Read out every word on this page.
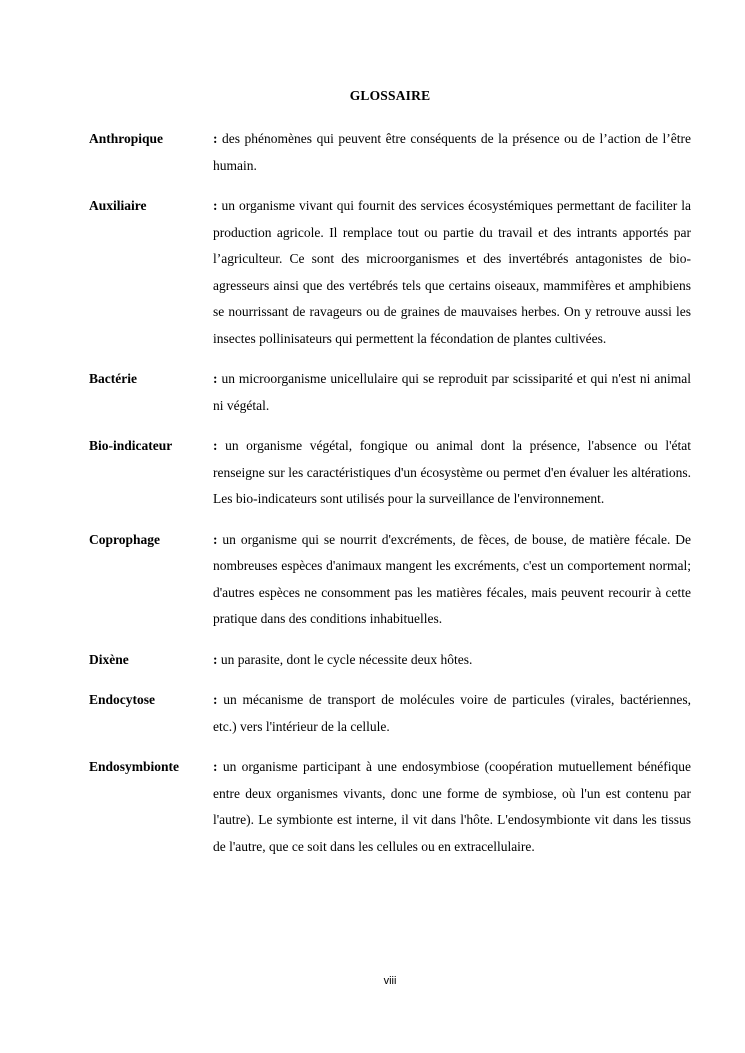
GLOSSAIRE
Anthropique	: des phénomènes qui peuvent être conséquents de la présence ou de l’action de l’être humain.
Auxiliaire	: un organisme vivant qui fournit des services écosystémiques permettant de faciliter la production agricole. Il remplace tout ou partie du travail et des intrants apportés par l’agriculteur. Ce sont des microorganismes et des invertébrés antagonistes de bio-agresseurs ainsi que des vertébrés tels que certains oiseaux, mammifères et amphibiens se nourrissant de ravageurs ou de graines de mauvaises herbes. On y retrouve aussi les insectes pollinisateurs qui permettent la fécondation de plantes cultivées.
Bactérie	: un microorganisme unicellulaire qui se reproduit par scissiparité et qui n'est ni animal ni végétal.
Bio-indicateur	: un organisme végétal, fongique ou animal dont la présence, l'absence ou l'état renseigne sur les caractéristiques d'un écosystème ou permet d'en évaluer les altérations. Les bio-indicateurs sont utilisés pour la surveillance de l'environnement.
Coprophage	: un organisme qui se nourrit d'excréments, de fèces, de bouse, de matière fécale. De nombreuses espèces d'animaux mangent les excréments, c'est un comportement normal; d'autres espèces ne consomment pas les matières fécales, mais peuvent recourir à cette pratique dans des conditions inhabituelles.
Dixène	: un parasite, dont le cycle nécessite deux hôtes.
Endocytose	: un mécanisme de transport de molécules voire de particules (virales, bactériennes, etc.) vers l'intérieur de la cellule.
Endosymbionte	: un organisme participant à une endosymbiose (coopération mutuellement bénéfique entre deux organismes vivants, donc une forme de symbiose, où l'un est contenu par l'autre). Le symbionte est interne, il vit dans l'hôte. L'endosymbionte vit dans les tissus de l'autre, que ce soit dans les cellules ou en extracellulaire.
viii
